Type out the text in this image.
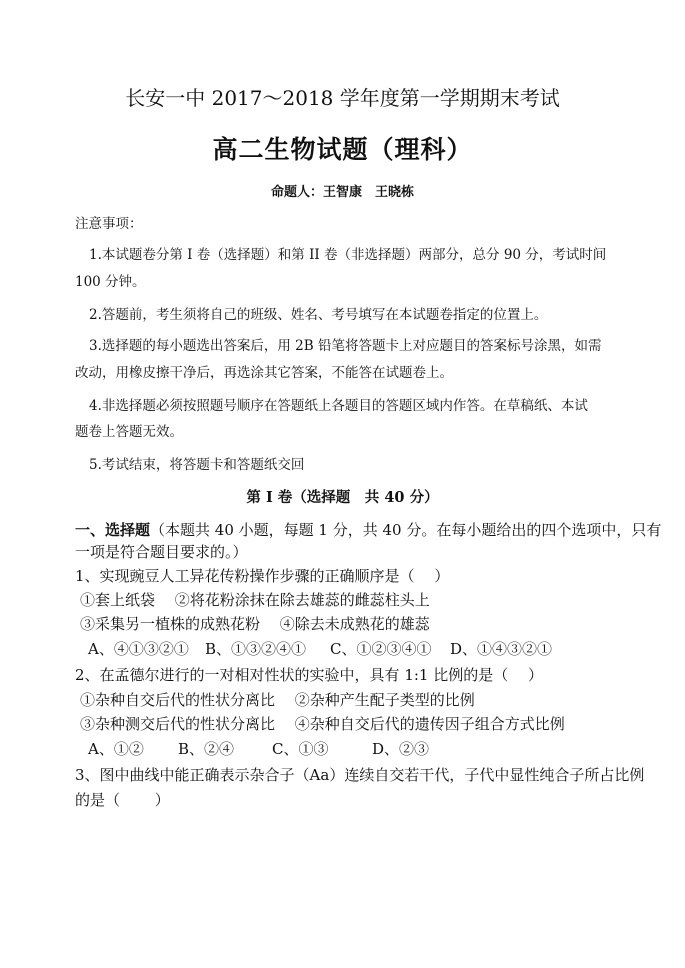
长安一中 2017～2018 学年度第一学期期末考试
高二生物试题（理科）
命题人：王智康　王晓栋
注意事项：
1.本试题卷分第 I 卷（选择题）和第 II 卷（非选择题）两部分，总分 90 分，考试时间
100 分钟。
2.答题前，考生须将自己的班级、姓名、考号填写在本试题卷指定的位置上。
3.选择题的每小题选出答案后，用 2B 铅笔将答题卡上对应题目的答案标号涂黑，如需
改动，用橡皮擦干净后，再选涂其它答案，不能答在试题卷上。
4.非选择题必须按照题号顺序在答题纸上各题目的答题区域内作答。在草稿纸、本试
题卷上答题无效。
5.考试结束，将答题卡和答题纸交回
第 I 卷（选择题　共 40 分）
一、选择题（本题共 40 小题，每题 1 分，共 40 分。在每小题给出的四个选项中，只有
一项是符合题目要求的。）
1、实现豌豆人工异花传粉操作步骤的正确顺序是（　 ）
①套上纸袋　 ②将花粉涂抹在除去雄蕊的雌蕊柱头上
③采集另一植株的成熟花粉　 ④除去未成熟花的雄蕊
A、④①③②① B、①③②④① C、①②③④① D、①④③②①
2、在孟德尔进行的一对相对性状的实验中，具有 1:1 比例的是（　 ）
①杂种自交后代的性状分离比　 ②杂种产生配子类型的比例
③杂种测交后代的性状分离比　 ④杂种自交后代的遗传因子组合方式比例
A、①② B、②④	C、①③	D、②③
3、图中曲线中能正确表示杂合子（Aa）连续自交若干代，子代中显性纯合子所占比例
的是（　 　）
